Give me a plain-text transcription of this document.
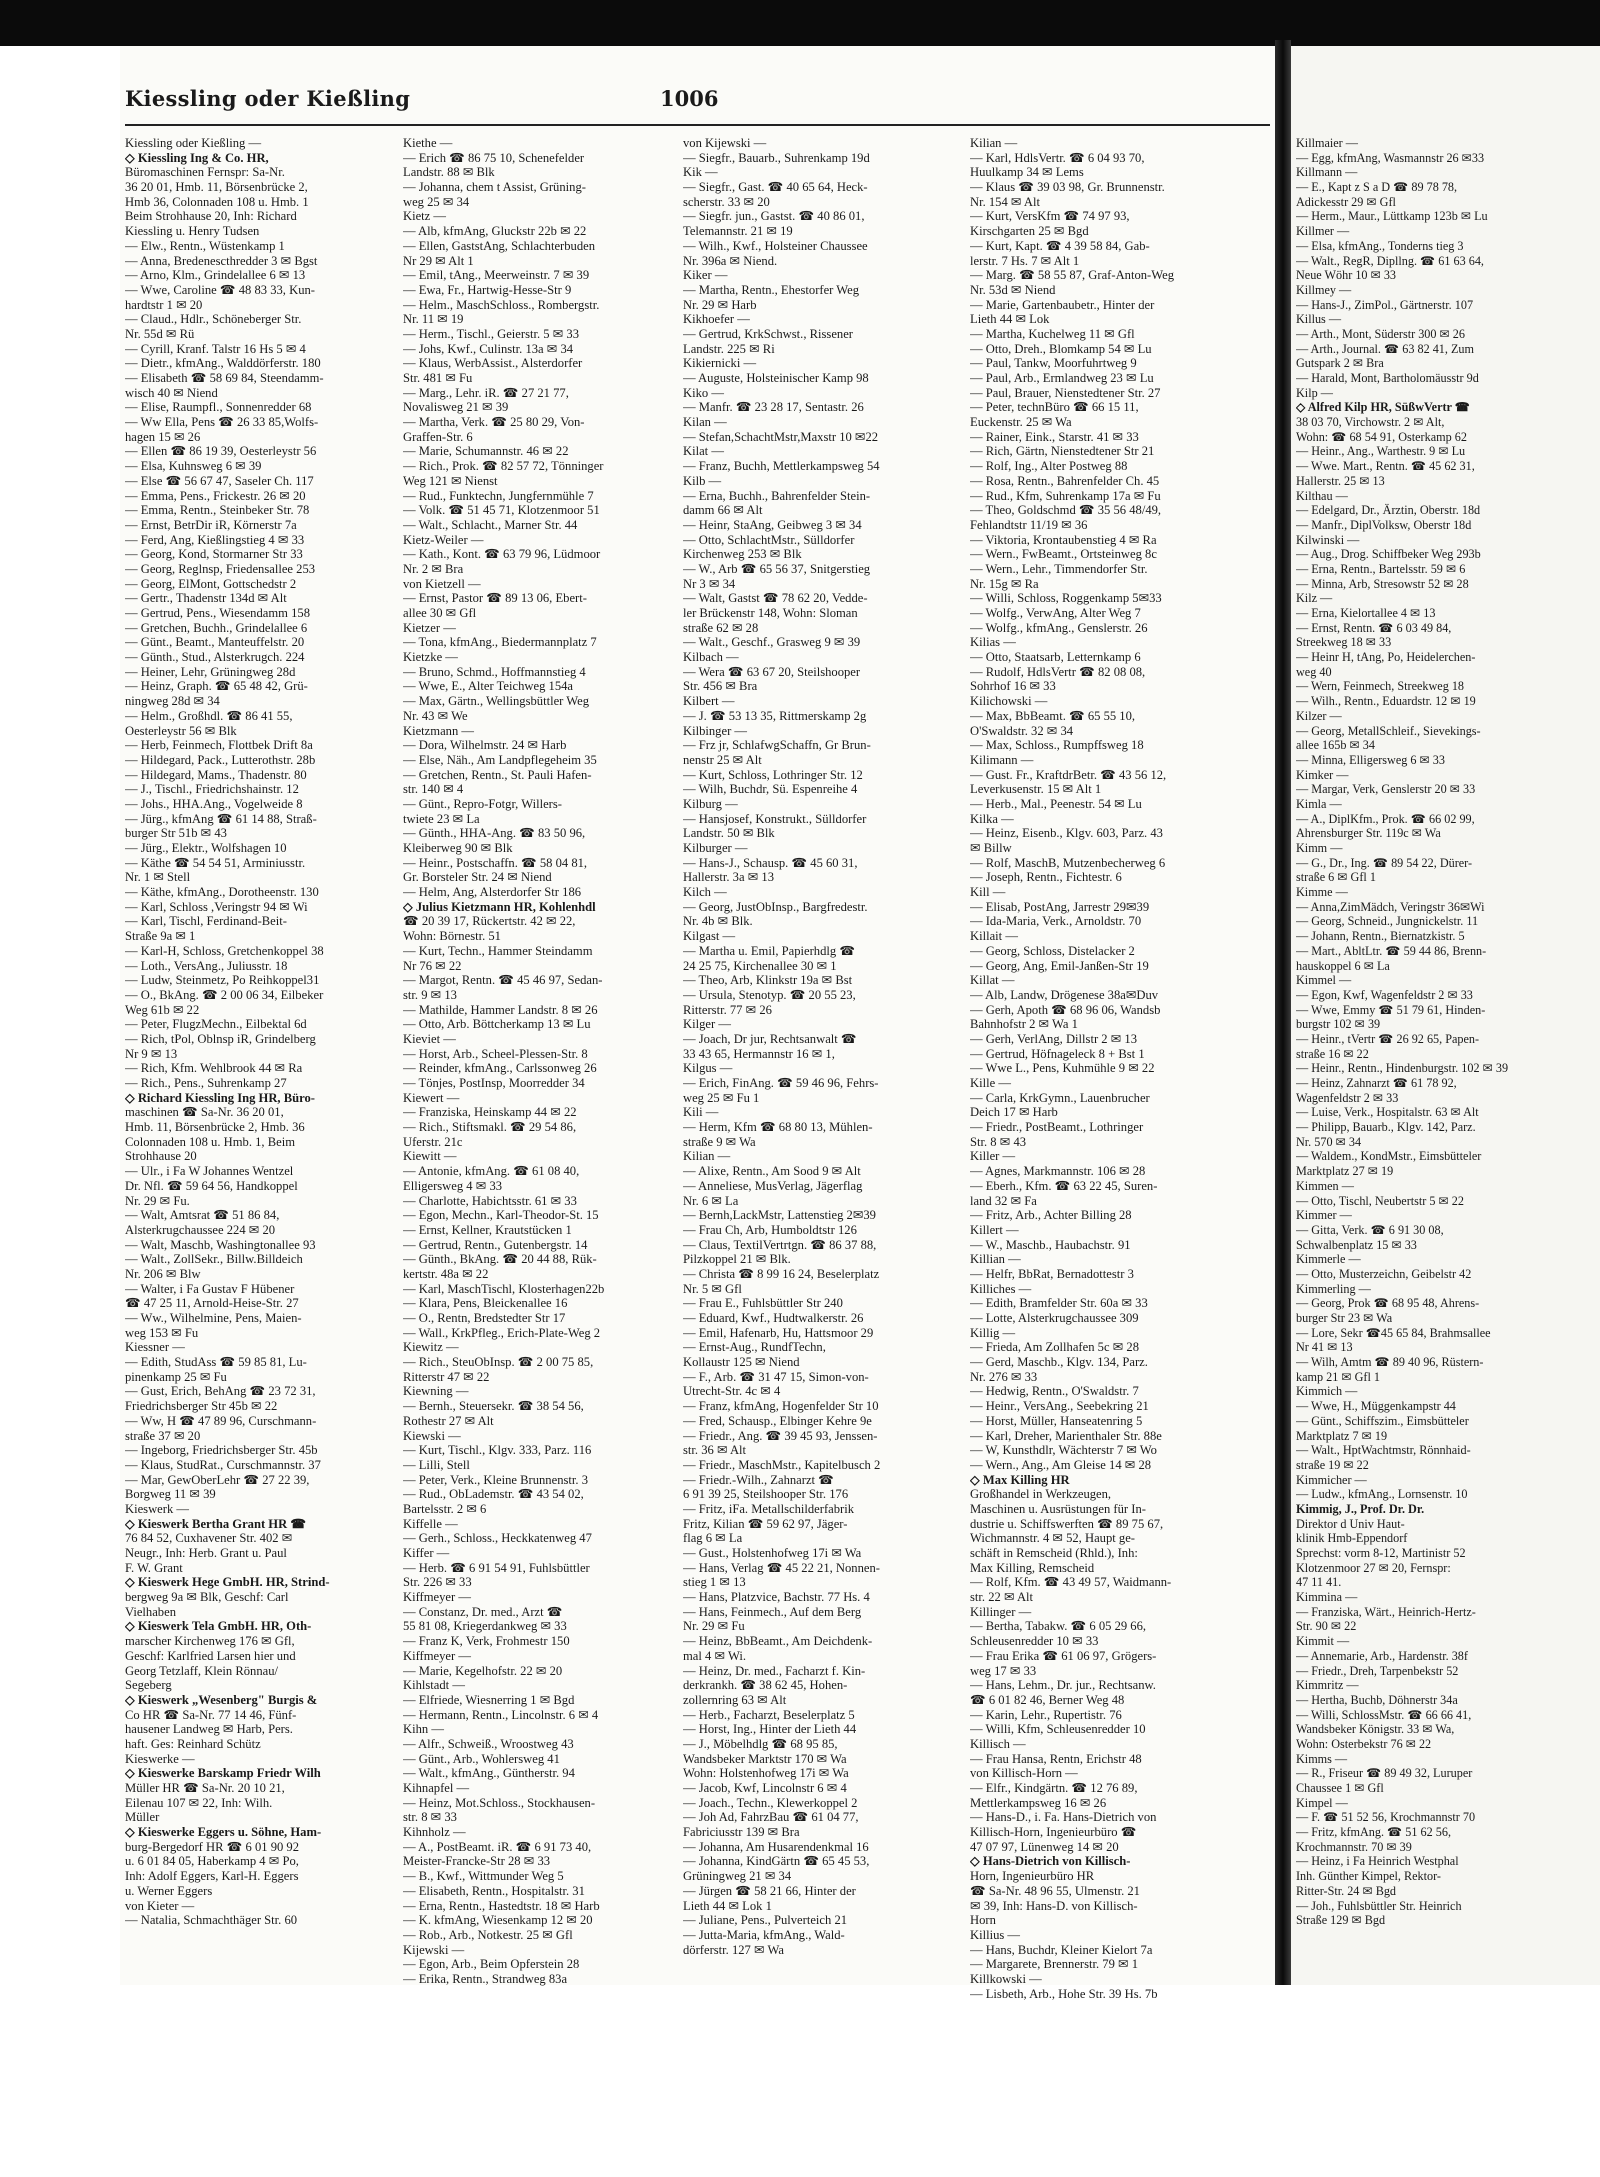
Kiessling oder Kießling	1006
Kiessling oder Kießling —
◇ Kiessling Ing & Co. HR,
Büromaschinen Fernspr: Sa-Nr.
36 20 01, Hmb. 11, Börsenbrücke 2,
Hmb 36, Colonnaden 108 u. Hmb. 1
Beim Strohhause 20, Inh: Richard
Kiessling u. Henry Tudsen
— Elw., Rentn., Wüstenkamp 1
— Anna, Bredenescthredder 3 ✉ Bgst
— Arno, Klm., Grindelallee 6 ✉ 13
— Wwe, Caroline ☎ 48 83 33, Kun-
hardtstr 1 ✉ 20
— Claud., Hdlr., Schöneberger Str.
Nr. 55d ✉ Rü
— Cyrill, Kranf. Talstr 16 Hs 5 ✉ 4
— Dietr., kfmAng., Walddörferstr. 180
— Elisabeth ☎ 58 69 84, Steendamm-
wisch 40 ✉ Niend
— Elise, Raumpfl., Sonnenredder 68
— Ww Ella, Pens ☎ 26 33 85,Wolfs-
hagen 15 ✉ 26
— Ellen ☎ 86 19 39, Oesterleystr 56
— Elsa, Kuhnsweg 6 ✉ 39
— Else ☎ 56 67 47, Saseler Ch. 117
— Emma, Pens., Frickestr. 26 ✉ 20
— Emma, Rentn., Steinbeker Str. 78
— Ernst, BetrDir iR, Körnerstr 7a
— Ferd, Ang, Kießlingstieg 4 ✉ 33
— Georg, Kond, Stormarner Str 33
— Georg, Reglnsp, Friedensallee 253
— Georg, ElMont, Gottschedstr 2
— Gertr., Thadenstr 134d ✉ Alt
— Gertrud, Pens., Wiesendamm 158
— Gretchen, Buchh., Grindelallee 6
— Günt., Beamt., Manteuffelstr. 20
— Günth., Stud., Alsterkrugch. 224
— Heiner, Lehr, Grüningweg 28d
— Heinz, Graph. ☎ 65 48 42, Grü-
ningweg 28d ✉ 34
— Helm., Großhdl. ☎ 86 41 55,
Oesterleystr 56 ✉ Blk
— Herb, Feinmech, Flottbek Drift 8a
— Hildegard, Pack., Lutterothstr. 28b
— Hildegard, Mams., Thadenstr. 80
— J., Tischl., Friedrichshainstr. 12
— Johs., HHA.Ang., Vogelweide 8
— Jürg., kfmAng ☎ 61 14 88, Straß-
burger Str 51b ✉ 43
— Jürg., Elektr., Wolfshagen 10
— Käthe ☎ 54 54 51, Arminiusstr.
Nr. 1 ✉ Stell
— Käthe, kfmAng., Dorotheenstr. 130
— Karl, Schloss ,Veringstr 94 ✉ Wi
— Karl, Tischl, Ferdinand-Beit-
Straße 9a ✉ 1
— Karl-H, Schloss, Gretchenkoppel 38
— Loth., VersAng., Juliusstr. 18
— Ludw, Steinmetz, Po Reihkoppel31
— O., BkAng. ☎ 2 00 06 34, Eilbeker
Weg 61b ✉ 22
— Peter, FlugzMechn., Eilbektal 6d
— Rich, tPol, Oblnsp iR, Grindelberg
Nr 9 ✉ 13
— Rich, Kfm. Wehlbrook 44 ✉ Ra
— Rich., Pens., Suhrenkamp 27
◇ Richard Kiessling Ing HR, Büro-
maschinen ☎ Sa-Nr. 36 20 01,
Hmb. 11, Börsenbrücke 2, Hmb. 36
Colonnaden 108 u. Hmb. 1, Beim
Strohhause 20
— Ulr., i Fa W Johannes Wentzel
Dr. Nfl. ☎ 59 64 56, Handkoppel
Nr. 29 ✉ Fu.
— Walt, Amtsrat ☎ 51 86 84,
Alsterkrugchaussee 224 ✉ 20
— Walt, Maschb, Washingtonallee 93
— Walt., ZollSekr., Billw.Billdeich
Nr. 206 ✉ Blw
— Walter, i Fa Gustav F Hübener
☎ 47 25 11, Arnold-Heise-Str. 27
— Ww., Wilhelmine, Pens, Maien-
weg 153 ✉ Fu
Kiessner —
— Edith, StudAss ☎ 59 85 81, Lu-
pinenkamp 25 ✉ Fu
— Gust, Erich, BehAng ☎ 23 72 31,
Friedrichsberger Str 45b ✉ 22
— Ww, H ☎ 47 89 96, Curschmann-
straße 37 ✉ 20
— Ingeborg, Friedrichsberger Str. 45b
— Klaus, StudRat., Curschmannstr. 37
— Mar, GewOberLehr ☎ 27 22 39,
Borgweg 11 ✉ 39
Kieswerk —
◇ Kieswerk Bertha Grant HR ☎
76 84 52, Cuxhavener Str. 402 ✉
Neugr., Inh: Herb. Grant u. Paul
F. W. Grant
◇ Kieswerk Hege GmbH. HR, Strind-
bergweg 9a ✉ Blk, Geschf: Carl
Vielhaben
◇ Kieswerk Tela GmbH. HR, Oth-
marscher Kirchenweg 176 ✉ Gfl,
Geschf: Karlfried Larsen hier und
Georg Tetzlaff, Klein Rönnau/
Segeberg
◇ Kieswerk „Wesenberg" Burgis &
Co HR ☎ Sa-Nr. 77 14 46, Fünf-
hausener Landweg ✉ Harb, Pers.
haft. Ges: Reinhard Schütz
Kieswerke —
◇ Kieswerke Barskamp Friedr Wilh
Müller HR ☎ Sa-Nr. 20 10 21,
Eilenau 107 ✉ 22, Inh: Wilh.
Müller
◇ Kieswerke Eggers u. Söhne, Ham-
burg-Bergedorf HR ☎ 6 01 90 92
u. 6 01 84 05, Haberkamp 4 ✉ Po,
Inh: Adolf Eggers, Karl-H. Eggers
u. Werner Eggers
von Kieter —
— Natalia, Schmachthäger Str. 60
Kiethe —
— Erich ☎ 86 75 10, Schenefelder
Landstr. 88 ✉ Blk
— Johanna, chem t Assist, Grüning-
weg 25 ✉ 34
Kietz —
— Alb, kfmAng, Gluckstr 22b ✉ 22
— Ellen, GaststAng, Schlachterbuden
Nr 29 ✉ Alt 1
— Emil, tAng., Meerweinstr. 7 ✉ 39
— Ewa, Fr., Hartwig-Hesse-Str 9
— Helm., MaschSchloss., Rombergstr.
Nr. 11 ✉ 19
— Herm., Tischl., Geierstr. 5 ✉ 33
— Johs, Kwf., Culinstr. 13a ✉ 34
— Klaus, WerbAssist., Alsterdorfer
Str. 481 ✉ Fu
— Marg., Lehr. iR. ☎ 27 21 77,
Novalisweg 21 ✉ 39
— Martha, Verk. ☎ 25 80 29, Von-
Graffen-Str. 6
— Marie, Schumannstr. 46 ✉ 22
— Rich., Prok. ☎ 82 57 72, Tönninger
Weg 121 ✉ Nienst
— Rud., Funktechn, Jungfernmühle 7
— Volk. ☎ 51 45 71, Klotzenmoor 51
— Walt., Schlacht., Marner Str. 44
Kietz-Weiler —
— Kath., Kont. ☎ 63 79 96, Lüdmoor
Nr. 2 ✉ Bra
von Kietzell —
— Ernst, Pastor ☎ 89 13 06, Ebert-
allee 30 ✉ Gfl
Kietzer —
— Tona, kfmAng., Biedermannplatz 7
Kietzke —
— Bruno, Schmd., Hoffmannstieg 4
— Wwe, E., Alter Teichweg 154a
— Max, Gärtn., Wellingsbüttler Weg
Nr. 43 ✉ We
Kietzmann —
— Dora, Wilhelmstr. 24 ✉ Harb
— Else, Näh., Am Landpflegeheim 35
— Gretchen, Rentn., St. Pauli Hafen-
str. 140 ✉ 4
— Günt., Repro-Fotgr, Willers-
twiete 23 ✉ La
— Günth., HHA-Ang. ☎ 83 50 96,
Kleiberweg 90 ✉ Blk
— Heinr., Postschaffn. ☎ 58 04 81,
Gr. Borsteler Str. 24 ✉ Niend
— Helm, Ang, Alsterdorfer Str 186
◇ Julius Kietzmann HR, Kohlenhdl
☎ 20 39 17, Rückertstr. 42 ✉ 22,
Wohn: Börnestr. 51
— Kurt, Techn., Hammer Steindamm
Nr 76 ✉ 22
— Margot, Rentn. ☎ 45 46 97, Sedan-
str. 9 ✉ 13
— Mathilde, Hammer Landstr. 8 ✉ 26
— Otto, Arb. Böttcherkamp 13 ✉ Lu
Kieviet —
— Horst, Arb., Scheel-Plessen-Str. 8
— Reinder, kfmAng., Carlssonweg 26
— Tönjes, PostInsp, Moorredder 34
Kiewert —
— Franziska, Heinskamp 44 ✉ 22
— Rich., Stiftsmakl. ☎ 29 54 86,
Uferstr. 21c
Kiewitt —
— Antonie, kfmAng. ☎ 61 08 40,
Elligersweg 4 ✉ 33
— Charlotte, Habichtsstr. 61 ✉ 33
— Egon, Mechn., Karl-Theodor-St. 15
— Ernst, Kellner, Krautstücken 1
— Gertrud, Rentn., Gutenbergstr. 14
— Günth., BkAng. ☎ 20 44 88, Rük-
kertstr. 48a ✉ 22
— Karl, MaschTischl, Klosterhagen22b
— Klara, Pens, Bleickenallee 16
— O., Rentn, Bredstedter Str 17
— Wall., KrkPfleg., Erich-Plate-Weg 2
Kiewitz —
— Rich., SteuObInsp. ☎ 2 00 75 85,
Ritterstr 47 ✉ 22
Kiewning —
— Bernh., Steuersekr. ☎ 38 54 56,
Rothestr 27 ✉ Alt
Kiewski —
— Kurt, Tischl., Klgv. 333, Parz. 116
— Lilli, Stell
— Peter, Verk., Kleine Brunnenstr. 3
— Rud., ObLademstr. ☎ 43 54 02,
Bartelsstr. 2 ✉ 6
Kiffelle —
— Gerh., Schloss., Heckkatenweg 47
Kiffer —
— Herb. ☎ 6 91 54 91, Fuhlsbüttler
Str. 226 ✉ 33
Kiffmeyer —
— Constanz, Dr. med., Arzt ☎
55 81 08, Kriegerdankweg ✉ 33
— Franz K, Verk, Frohmestr 150
Kiffmeyer —
— Marie, Kegelhofstr. 22 ✉ 20
Kihlstadt —
— Elfriede, Wiesnerring 1 ✉ Bgd
— Hermann, Rentn., Lincolnstr. 6 ✉ 4
Kihn —
— Alfr., Schweiß., Wroostweg 43
— Günt., Arb., Wohlersweg 41
— Walt., kfmAng., Güntherstr. 94
Kihnapfel —
— Heinz, Mot.Schloss., Stockhausen-
str. 8 ✉ 33
Kihnholz —
— A., PostBeamt. iR. ☎ 6 91 73 40,
Meister-Francke-Str 28 ✉ 33
— B., Kwf., Wittmunder Weg 5
— Elisabeth, Rentn., Hospitalstr. 31
— Erna, Rentn., Hastedtstr. 18 ✉ Harb
— K. kfmAng, Wiesenkamp 12 ✉ 20
— Rob., Arb., Notkestr. 25 ✉ Gfl
Kijewski —
— Egon, Arb., Beim Opferstein 28
— Erika, Rentn., Strandweg 83a
von Kijewski —
— Siegfr., Bauarb., Suhrenkamp 19d
Kik —
— Siegfr., Gast. ☎ 40 65 64, Heck-
scherstr. 33 ✉ 20
— Siegfr. jun., Gastst. ☎ 40 86 01,
Telemannstr. 21 ✉ 19
— Wilh., Kwf., Holsteiner Chaussee
Nr. 396a ✉ Niend.
Kiker —
— Martha, Rentn., Ehestorfer Weg
Nr. 29 ✉ Harb
Kikhoefer —
— Gertrud, KrkSchwst., Rissener
Landstr. 225 ✉ Ri
Kikiernicki —
— Auguste, Holsteinischer Kamp 98
Kiko —
— Manfr. ☎ 23 28 17, Sentastr. 26
Kilan —
— Stefan,SchachtMstr,Maxstr 10 ✉22
Kilat —
— Franz, Buchh, Mettlerkampsweg 54
Kilb —
— Erna, Buchh., Bahrenfelder Stein-
damm 66 ✉ Alt
— Heinr, StaAng, Geibweg 3 ✉ 34
— Otto, SchlachtMstr., Sülldorfer
Kirchenweg 253 ✉ Blk
— W., Arb ☎ 65 56 37, Snitgerstieg
Nr 3 ✉ 34
— Walt, Gastst ☎ 78 62 20, Vedde-
ler Brückenstr 148, Wohn: Sloman
straße 62 ✉ 28
— Walt., Geschf., Grasweg 9 ✉ 39
Kilbach —
— Wera ☎ 63 67 20, Steilshooper
Str. 456 ✉ Bra
Kilbert —
— J. ☎ 53 13 35, Rittmerskamp 2g
Kilbinger —
— Frz jr, SchlafwgSchaffn, Gr Brun-
nenstr 25 ✉ Alt
— Kurt, Schloss, Lothringer Str. 12
— Wilh, Buchdr, Sü. Espenreihe 4
Kilburg —
— Hansjosef, Konstrukt., Sülldorfer
Landstr. 50 ✉ Blk
Kilburger —
— Hans-J., Schausp. ☎ 45 60 31,
Hallerstr. 3a ✉ 13
Kilch —
— Georg, JustObInsp., Bargfredestr.
Nr. 4b ✉ Blk.
Kilgast —
— Martha u. Emil, Papierhdlg ☎
24 25 75, Kirchenallee 30 ✉ 1
— Theo, Arb, Klinkstr 19a ✉ Bst
— Ursula, Stenotyp. ☎ 20 55 23,
Ritterstr. 77 ✉ 26
Kilger —
— Joach, Dr jur, Rechtsanwalt ☎
33 43 65, Hermannstr 16 ✉ 1,
Kilgus —
— Erich, FinAng. ☎ 59 46 96, Fehrs-
weg 25 ✉ Fu 1
Kili —
— Herm, Kfm ☎ 68 80 13, Mühlen-
straße 9 ✉ Wa
Kilian —
— Alixe, Rentn., Am Sood 9 ✉ Alt
— Anneliese, MusVerlag, Jägerflag
Nr. 6 ✉ La
— Bernh,LackMstr, Lattenstieg 2✉39
— Frau Ch, Arb, Humboldtstr 126
— Claus, TextilVertrtgn. ☎ 86 37 88,
Pilzkoppel 21 ✉ Blk.
— Christa ☎ 8 99 16 24, Beselerplatz
Nr. 5 ✉ Gfl
— Frau E., Fuhlsbüttler Str 240
— Eduard, Kwf., Hudtwalkerstr. 26
— Emil, Hafenarb, Hu, Hattsmoor 29
— Ernst-Aug., RundfTechn,
Kollaustr 125 ✉ Niend
— F., Arb. ☎ 31 47 15, Simon-von-
Utrecht-Str. 4c ✉ 4
— Franz, kfmAng, Hogenfelder Str 10
— Fred, Schausp., Elbinger Kehre 9e
— Friedr., Ang. ☎ 39 45 93, Jenssen-
str. 36 ✉ Alt
— Friedr., MaschMstr., Kapitelbusch 2
— Friedr.-Wilh., Zahnarzt ☎
6 91 39 25, Steilshooper Str. 176
— Fritz, iFa. Metallschilderfabrik
Fritz, Kilian ☎ 59 62 97, Jäger-
flag 6 ✉ La
— Gust., Holstenhofweg 17i ✉ Wa
— Hans, Verlag ☎ 45 22 21, Nonnen-
stieg 1 ✉ 13
— Hans, Platzvice, Bachstr. 77 Hs. 4
— Hans, Feinmech., Auf dem Berg
Nr. 29 ✉ Fu
— Heinz, BbBeamt., Am Deichdenk-
mal 4 ✉ Wi.
— Heinz, Dr. med., Facharzt f. Kin-
derkrankh. ☎ 38 62 45, Hohen-
zollernring 63 ✉ Alt
— Herb., Facharzt, Beselerplatz 5
— Horst, Ing., Hinter der Lieth 44
— J., Möbelhdlg ☎ 68 95 85,
Wandsbeker Marktstr 170 ✉ Wa
Wohn: Holstenhofweg 17i ✉ Wa
— Jacob, Kwf, Lincolnstr 6 ✉ 4
— Joach., Techn., Klewerkoppel 2
— Joh Ad, FahrzBau ☎ 61 04 77,
Fabriciusstr 139 ✉ Bra
— Johanna, Am Husarendenkmal 16
— Johanna, KindGärtn ☎ 65 45 53,
Grüningweg 21 ✉ 34
— Jürgen ☎ 58 21 66, Hinter der
Lieth 44 ✉ Lok 1
— Juliane, Pens., Pulverteich 21
— Jutta-Maria, kfmAng., Wald-
dörferstr. 127 ✉ Wa
Kilian —
— Karl, HdlsVertr. ☎ 6 04 93 70,
Huulkamp 34 ✉ Lems
— Klaus ☎ 39 03 98, Gr. Brunnenstr.
Nr. 154 ✉ Alt
— Kurt, VersKfm ☎ 74 97 93,
Kirschgarten 25 ✉ Bgd
— Kurt, Kapt. ☎ 4 39 58 84, Gab-
lerstr. 7 Hs. 7 ✉ Alt 1
— Marg. ☎ 58 55 87, Graf-Anton-Weg
Nr. 53d ✉ Niend
— Marie, Gartenbaubetr., Hinter der
Lieth 44 ✉ Lok
— Martha, Kuchelweg 11 ✉ Gfl
— Otto, Dreh., Blomkamp 54 ✉ Lu
— Paul, Tankw, Moorfuhrtweg 9
— Paul, Arb., Ermlandweg 23 ✉ Lu
— Paul, Brauer, Nienstedtener Str. 27
— Peter, technBüro ☎ 66 15 11,
Euckenstr. 25 ✉ Wa
— Rainer, Eink., Starstr. 41 ✉ 33
— Rich, Gärtn, Nienstedtener Str 21
— Rolf, Ing., Alter Postweg 88
— Rosa, Rentn., Bahrenfelder Ch. 45
— Rud., Kfm, Suhrenkamp 17a ✉ Fu
— Theo, Goldschmd ☎ 35 56 48/49,
Fehlandtstr 11/19 ✉ 36
— Viktoria, Krontaubenstieg 4 ✉ Ra
— Wern., FwBeamt., Ortsteinweg 8c
— Wern., Lehr., Timmendorfer Str.
Nr. 15g ✉ Ra
— Willi, Schloss, Roggenkamp 5✉33
— Wolfg., VerwAng, Alter Weg 7
— Wolfg., kfmAng., Genslerstr. 26
Kilias —
— Otto, Staatsarb, Letternkamp 6
— Rudolf, HdlsVertr ☎ 82 08 08,
Sohrhof 16 ✉ 33
Kilichowski —
— Max, BbBeamt. ☎ 65 55 10,
O'Swaldstr. 32 ✉ 34
— Max, Schloss., Rumpffsweg 18
Kilimann —
— Gust. Fr., KraftdrBetr. ☎ 43 56 12,
Leverkusenstr. 15 ✉ Alt 1
— Herb., Mal., Peenestr. 54 ✉ Lu
Kilka —
— Heinz, Eisenb., Klgv. 603, Parz. 43
✉ Billw
— Rolf, MaschB, Mutzenbecherweg 6
— Joseph, Rentn., Fichtestr. 6
Kill —
— Elisab, PostAng, Jarrestr 29✉39
— Ida-Maria, Verk., Arnoldstr. 70
Killait —
— Georg, Schloss, Distelacker 2
— Georg, Ang, Emil-Janßen-Str 19
Killat —
— Alb, Landw, Drögenese 38a✉Duv
— Gerh, Apoth ☎ 68 96 06, Wandsb
Bahnhofstr 2 ✉ Wa 1
— Gerh, VerlAng, Dillstr 2 ✉ 13
— Gertrud, Höfnageleck 8 + Bst 1
— Wwe L., Pens, Kuhmühle 9 ✉ 22
Kille —
— Carla, KrkGymn., Lauenbrucher
Deich 17 ✉ Harb
— Friedr., PostBeamt., Lothringer
Str. 8 ✉ 43
Killer —
— Agnes, Markmannstr. 106 ✉ 28
— Eberh., Kfm. ☎ 63 22 45, Suren-
land 32 ✉ Fa
— Fritz, Arb., Achter Billing 28
Killert —
— W., Maschb., Haubachstr. 91
Killian —
— Helfr, BbRat, Bernadottestr 3
Killiches —
— Edith, Bramfelder Str. 60a ✉ 33
— Lotte, Alsterkrugchaussee 309
Killig —
— Frieda, Am Zollhafen 5c ✉ 28
— Gerd, Maschb., Klgv. 134, Parz.
Nr. 276 ✉ 33
— Hedwig, Rentn., O'Swaldstr. 7
— Heinr., VersAng., Seebekring 21
— Horst, Müller, Hanseatenring 5
— Karl, Dreher, Marienthaler Str. 88e
— W, Kunsthdlr, Wächterstr 7 ✉ Wo
— Wern., Ang., Am Gleise 14 ✉ 28
◇ Max Killing HR
Großhandel in Werkzeugen,
Maschinen u. Ausrüstungen für In-
dustrie u. Schiffswerften ☎ 89 75 67,
Wichmannstr. 4 ✉ 52, Haupt ge-
schäft in Remscheid (Rhld.), Inh:
Max Killing, Remscheid
— Rolf, Kfm. ☎ 43 49 57, Waidmann-
str. 22 ✉ Alt
Killinger —
— Bertha, Tabakw. ☎ 6 05 29 66,
Schleusenredder 10 ✉ 33
— Frau Erika ☎ 61 06 97, Grögers-
weg 17 ✉ 33
— Hans, Lehm., Dr. jur., Rechtsanw.
☎ 6 01 82 46, Berner Weg 48
— Karin, Lehr., Rupertistr. 76
— Willi, Kfm, Schleusenredder 10
Killisch —
— Frau Hansa, Rentn, Erichstr 48
von Killisch-Horn —
— Elfr., Kindgärtn. ☎ 12 76 89,
Mettlerkampsweg 16 ✉ 26
— Hans-D., i. Fa. Hans-Dietrich von
Killisch-Horn, Ingenieurbüro ☎
47 07 97, Lünenweg 14 ✉ 20
◇ Hans-Dietrich von Killisch-
Horn, Ingenieurbüro HR
☎ Sa-Nr. 48 96 55, Ulmenstr. 21
✉ 39, Inh: Hans-D. von Killisch-
Horn
Killius —
— Hans, Buchdr, Kleiner Kielort 7a
— Margarete, Brennerstr. 79 ✉ 1
Killkowski —
— Lisbeth, Arb., Hohe Str. 39 Hs. 7b
Killmaier —
— Egg, kfmAng, Wasmannstr 26 ✉33
Killmann —
— E., Kapt z S a D ☎ 89 78 78,
Adickesstr 29 ✉ Gfl
— Herm., Maur., Lüttkamp 123b ✉ Lu
Killmer —
— Elsa, kfmAng., Tonderns tieg 3
— Walt., RegR, Dipllng. ☎ 61 63 64,
Neue Wöhr 10 ✉ 33
Killmey —
— Hans-J., ZimPol., Gärtnerstr. 107
Killus —
— Arth., Mont, Süderstr 300 ✉ 26
— Arth., Journal. ☎ 63 82 41, Zum
Gutspark 2 ✉ Bra
— Harald, Mont, Bartholomäusstr 9d
Kilp —
◇ Alfred Kilp HR, SüßwVertr ☎
38 03 70, Virchowstr. 2 ✉ Alt,
Wohn: ☎ 68 54 91, Osterkamp 62
— Heinr., Ang., Warthestr. 9 ✉ Lu
— Wwe. Mart., Rentn. ☎ 45 62 31,
Hallerstr. 25 ✉ 13
Kilthau —
— Edelgard, Dr., Ärztin, Oberstr. 18d
— Manfr., DiplVolksw, Oberstr 18d
Kilwinski —
— Aug., Drog. Schiffbeker Weg 293b
— Erna, Rentn., Bartelsstr. 59 ✉ 6
— Minna, Arb, Stresowstr 52 ✉ 28
Kilz —
— Erna, Kielortallee 4 ✉ 13
— Ernst, Rentn. ☎ 6 03 49 84,
Streekweg 18 ✉ 33
— Heinr H, tAng, Po, Heidelerchen-
weg 40
— Wern, Feinmech, Streekweg 18
— Wilh., Rentn., Eduardstr. 12 ✉ 19
Kilzer —
— Georg, MetallSchleif., Sievekings-
allee 165b ✉ 34
— Minna, Elligersweg 6 ✉ 33
Kimker —
— Margar, Verk, Genslerstr 20 ✉ 33
Kimla —
— A., DiplKfm., Prok. ☎ 66 02 99,
Ahrensburger Str. 119c ✉ Wa
Kimm —
— G., Dr., Ing. ☎ 89 54 22, Dürer-
straße 6 ✉ Gfl 1
Kimme —
— Anna,ZimMädch, Veringstr 36✉Wi
— Georg, Schneid., Jungnickelstr. 11
— Johann, Rentn., Biernatzkistr. 5
— Mart., AbltLtr. ☎ 59 44 86, Brenn-
hauskoppel 6 ✉ La
Kimmel —
— Egon, Kwf, Wagenfeldstr 2 ✉ 33
— Wwe, Emmy ☎ 51 79 61, Hinden-
burgstr 102 ✉ 39
— Heinr., tVertr ☎ 26 92 65, Papen-
straße 16 ✉ 22
— Heinr., Rentn., Hindenburgstr. 102 ✉ 39
— Heinz, Zahnarzt ☎ 61 78 92,
Wagenfeldstr 2 ✉ 33
— Luise, Verk., Hospitalstr. 63 ✉ Alt
— Philipp, Bauarb., Klgv. 142, Parz.
Nr. 570 ✉ 34
— Waldem., KondMstr., Eimsbütteler
Marktplatz 27 ✉ 19
Kimmen —
— Otto, Tischl, Neubertstr 5 ✉ 22
Kimmer —
— Gitta, Verk. ☎ 6 91 30 08,
Schwalbenplatz 15 ✉ 33
Kimmerle —
— Otto, Musterzeichn, Geibelstr 42
Kimmerling —
— Georg, Prok ☎ 68 95 48, Ahrens-
burger Str 23 ✉ Wa
— Lore, Sekr ☎45 65 84, Brahmsallee
Nr 41 ✉ 13
— Wilh, Amtm ☎ 89 40 96, Rüstern-
kamp 21 ✉ Gfl 1
Kimmich —
— Wwe, H., Müggenkampstr 44
— Günt., Schiffszim., Eimsbütteler
Marktplatz 7 ✉ 19
— Walt., HptWachtmstr, Rönnhaid-
straße 19 ✉ 22
Kimmicher —
— Ludw., kfmAng., Lornsenstr. 10
Kimmig, J., Prof. Dr. Dr.
Direktor d Univ Haut-
klinik Hmb-Eppendorf
Sprechst: vorm 8-12, Martinistr 52
Klotzenmoor 27 ✉ 20, Fernspr:
47 11 41.
Kimmina —
— Franziska, Wärt., Heinrich-Hertz-
Str. 90 ✉ 22
Kimmit —
— Annemarie, Arb., Hardenstr. 38f
— Friedr., Dreh, Tarpenbekstr 52
Kimmritz —
— Hertha, Buchb, Döhnerstr 34a
— Willi, SchlossMstr. ☎ 66 66 41,
Wandsbeker Königstr. 33 ✉ Wa,
Wohn: Osterbekstr 76 ✉ 22
Kimms —
— R., Friseur ☎ 89 49 32, Luruper
Chaussee 1 ✉ Gfl
Kimpel —
— F. ☎ 51 52 56, Krochmannstr 70
— Fritz, kfmAng. ☎ 51 62 56,
Krochmannstr. 70 ✉ 39
— Heinz, i Fa Heinrich Westphal
Inh. Günther Kimpel, Rektor-
Ritter-Str. 24 ✉ Bgd
— Joh., Fuhlsbüttler Str. Heinrich
Straße 129 ✉ Bgd
